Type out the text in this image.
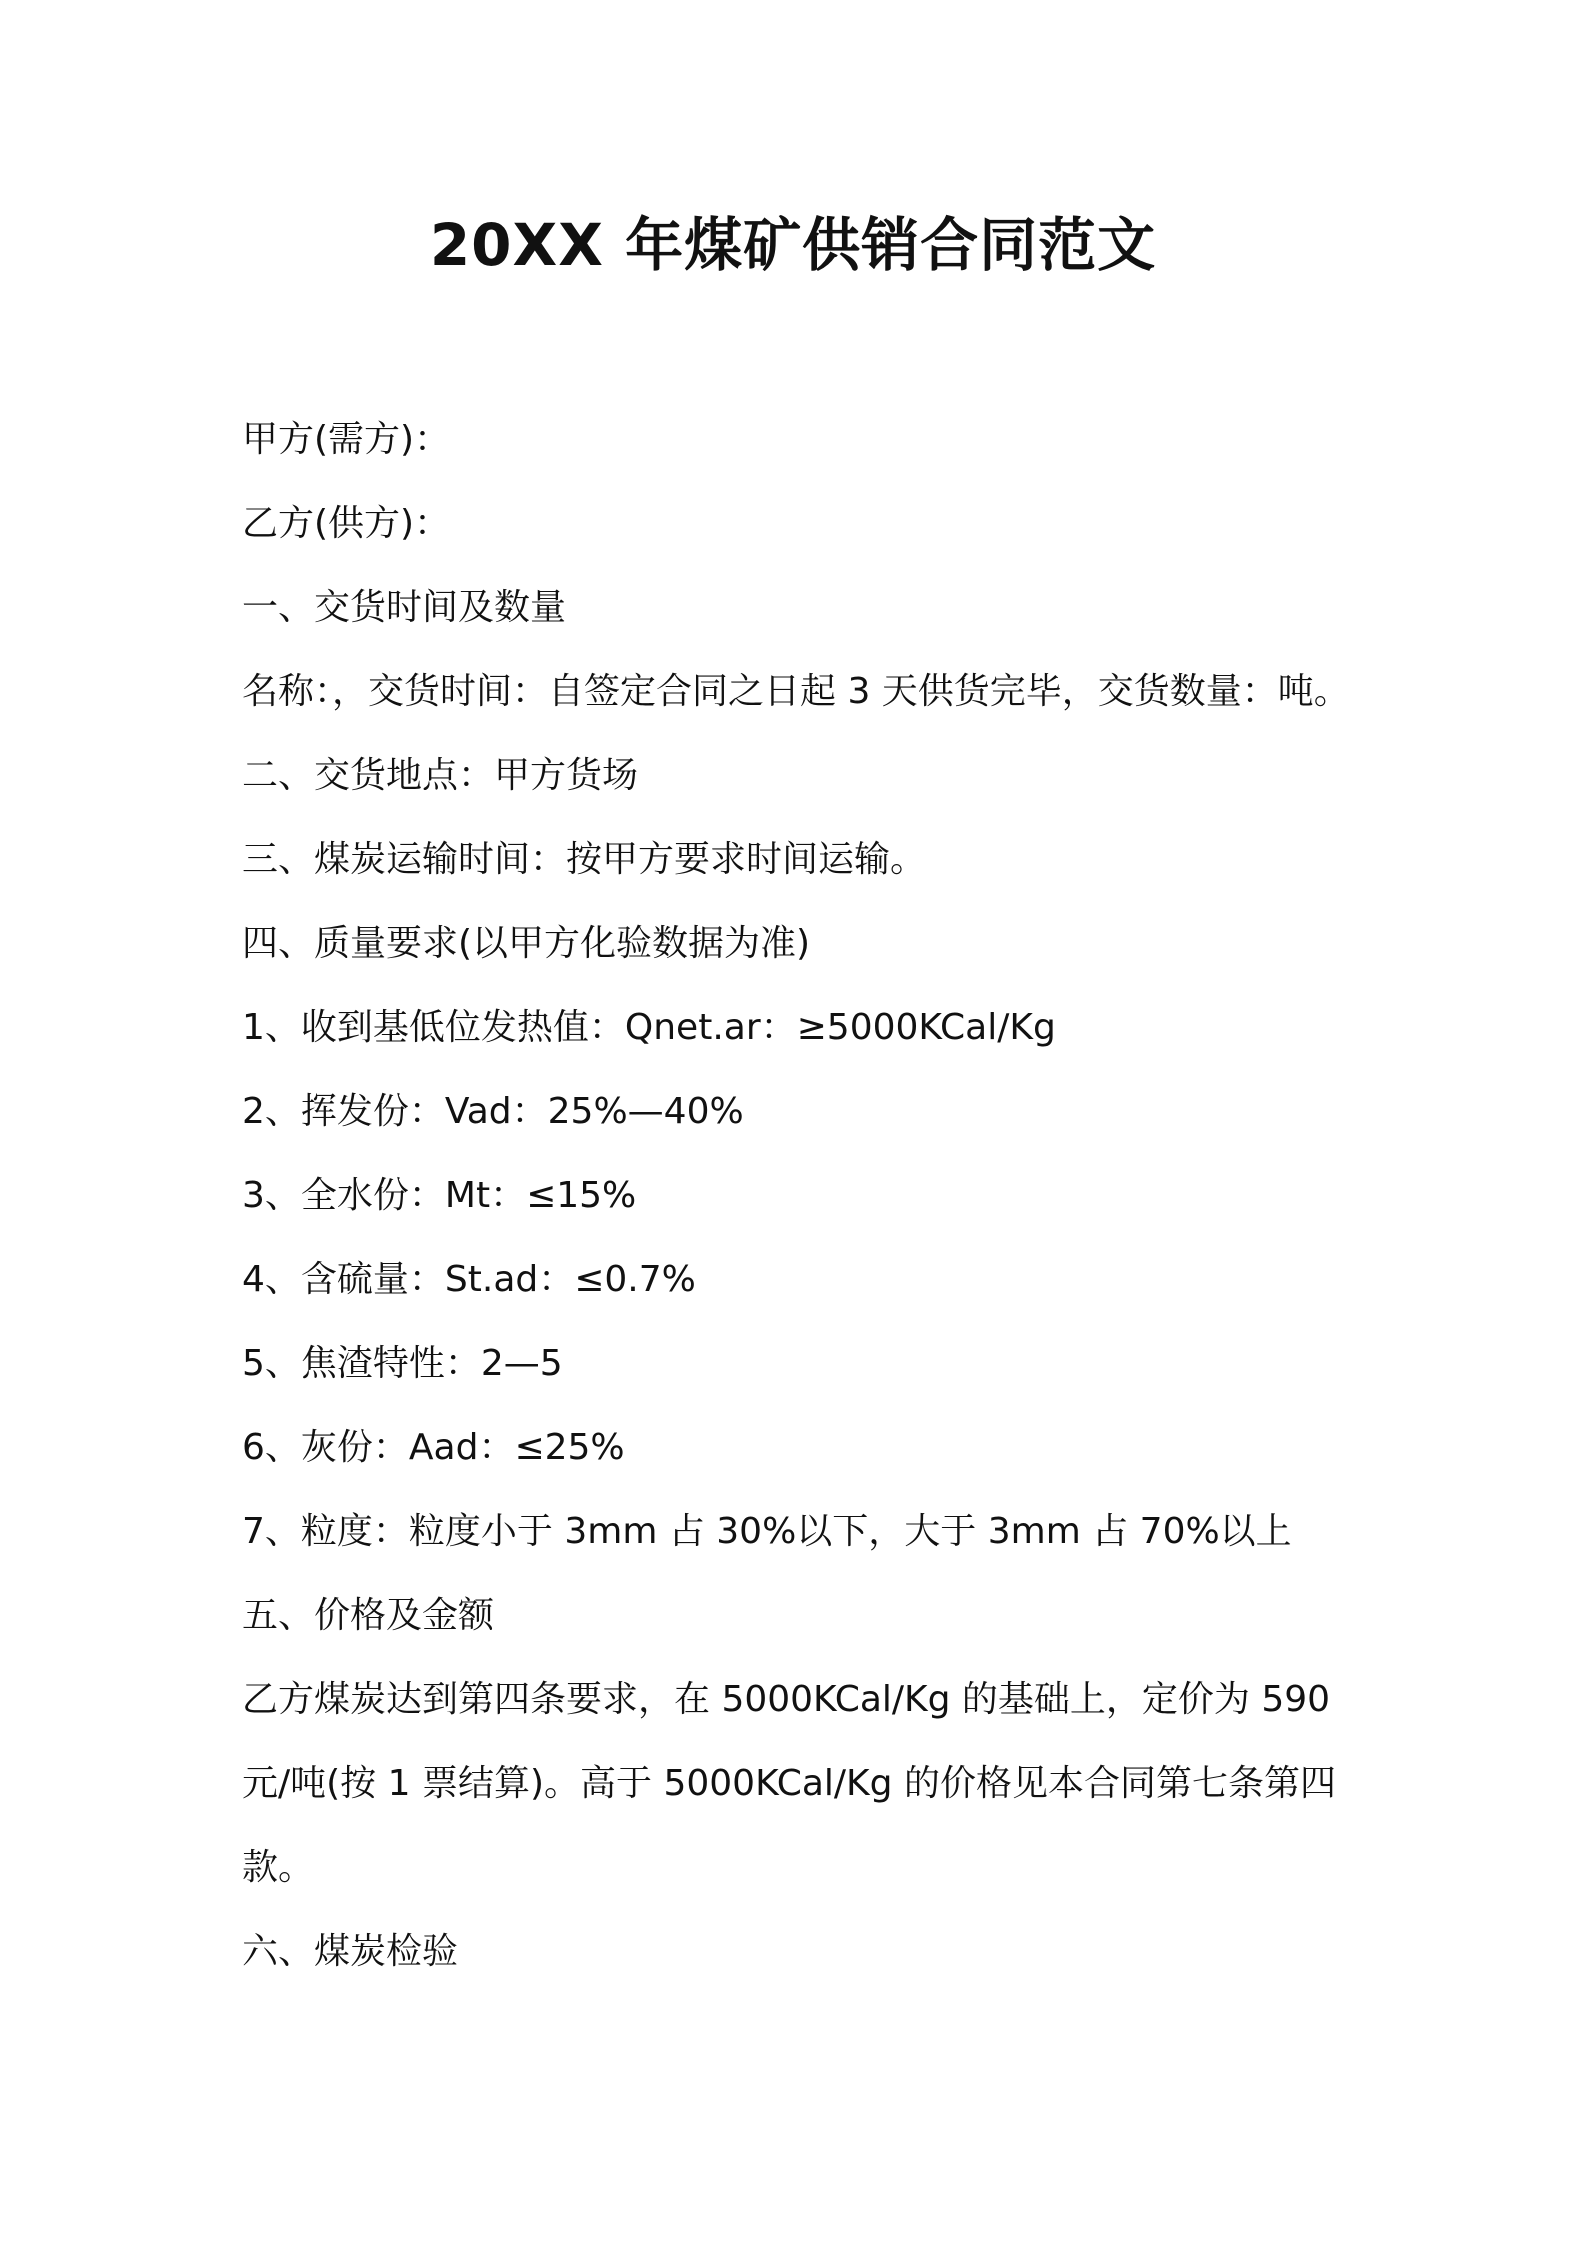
20XX 年煤矿供销合同范文
甲方(需方)：
乙方(供方)：
一、交货时间及数量
名称：，交货时间：自签定合同之日起 3 天供货完毕，交货数量：吨。
二、交货地点：甲方货场
三、煤炭运输时间：按甲方要求时间运输。
四、质量要求(以甲方化验数据为准)
1、收到基低位发热值：Qnet.ar：≥5000KCal/Kg
2、挥发份：Vad：25%—40%
3、全水份：Mt：≤15%
4、含硫量：St.ad：≤0.7%
5、焦渣特性：2—5
6、灰份：Aad：≤25%
7、粒度：粒度小于 3mm 占 30%以下，大于 3mm 占 70%以上
五、价格及金额
乙方煤炭达到第四条要求，在 5000KCal/Kg 的基础上，定价为 590
元/吨(按 1 票结算)。高于 5000KCal/Kg 的价格见本合同第七条第四
款。
六、煤炭检验
